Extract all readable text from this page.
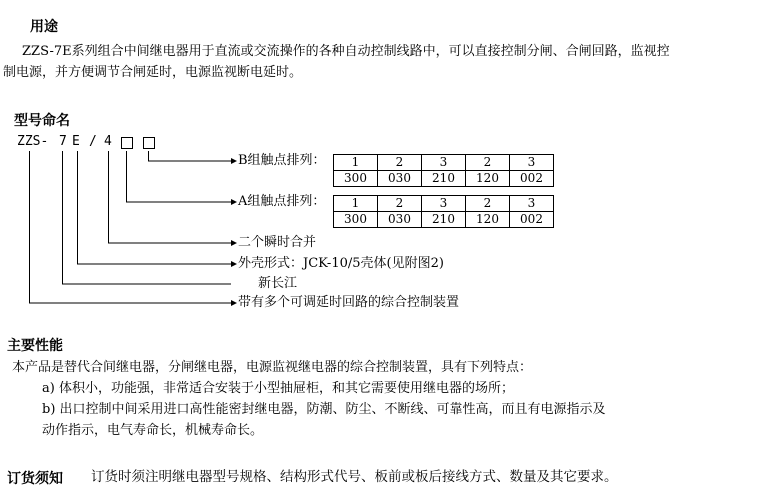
用途
ZZS-7E系列组合中间继电器用于直流或交流操作的各种自动控制线路中，可以直接控制分闸、合闸回路，监视控
制电源，并方便调节合闸延时，电源监视断电延时。
型号命名
ZZS- 7 E / 4
B组触点排列： 1	2	3	2	3
300	030	210	120	002
A组触点排列： 1	2	3	2	3
300	030	210	120	002
二个瞬时合并
外壳形式：JCK-10/5壳体(见附图2)
新长江
带有多个可调延时回路的综合控制装置
主要性能
本产品是替代合间继电器，分闸继电器，电源监视继电器的综合控制装置，具有下列特点：
a) 体积小，功能强，非常适合安装于小型抽屉柜，和其它需要使用继电器的场所；
b) 出口控制中间采用进口高性能密封继电器，防潮、防尘、不断线、可靠性高，而且有电源指示及
动作指示，电气寿命长，机械寿命长。
订货须知 订货时须注明继电器型号规格、结构形式代号、板前或板后接线方式、数量及其它要求。
